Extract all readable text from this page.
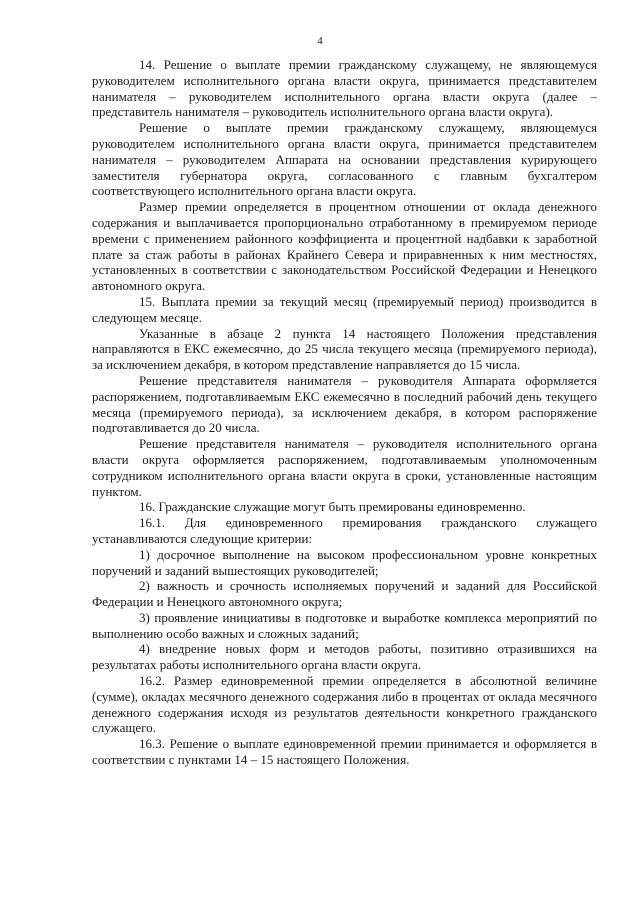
4

14. Решение о выплате премии гражданскому служащему, не являющемуся руководителем исполнительного органа власти округа, принимается представителем нанимателя – руководителем исполнительного органа власти округа (далее – представитель нанимателя – руководитель исполнительного органа власти округа).

Решение о выплате премии гражданскому служащему, являющемуся руководителем исполнительного органа власти округа, принимается представителем нанимателя – руководителем Аппарата на основании представления курирующего заместителя губернатора округа, согласованного с главным бухгалтером соответствующего исполнительного органа власти округа.

Размер премии определяется в процентном отношении от оклада денежного содержания и выплачивается пропорционально отработанному в премируемом периоде времени с применением районного коэффициента и процентной надбавки к заработной плате за стаж работы в районах Крайнего Севера и приравненных к ним местностях, установленных в соответствии с законодательством Российской Федерации и Ненецкого автономного округа.

15. Выплата премии за текущий месяц (премируемый период) производится в следующем месяце.

Указанные в абзаце 2 пункта 14 настоящего Положения представления направляются в ЕКС ежемесячно, до 25 числа текущего месяца (премируемого периода), за исключением декабря, в котором представление направляется до 15 числа.

Решение представителя нанимателя – руководителя Аппарата оформляется распоряжением, подготавливаемым ЕКС ежемесячно в последний рабочий день текущего месяца (премируемого периода), за исключением декабря, в котором распоряжение подготавливается до 20 числа.

Решение представителя нанимателя – руководителя исполнительного органа власти округа оформляется распоряжением, подготавливаемым уполномоченным сотрудником исполнительного органа власти округа в сроки, установленные настоящим пунктом.

16. Гражданские служащие могут быть премированы единовременно.

16.1. Для единовременного премирования гражданского служащего устанавливаются следующие критерии:

1) досрочное выполнение на высоком профессиональном уровне конкретных поручений и заданий вышестоящих руководителей;

2) важность и срочность исполняемых поручений и заданий для Российской Федерации и Ненецкого автономного округа;

3) проявление инициативы в подготовке и выработке комплекса мероприятий по выполнению особо важных и сложных заданий;

4) внедрение новых форм и методов работы, позитивно отразившихся на результатах работы исполнительного органа власти округа.

16.2. Размер единовременной премии определяется в абсолютной величине (сумме), окладах месячного денежного содержания либо в процентах от оклада месячного денежного содержания исходя из результатов деятельности конкретного гражданского служащего.

16.3. Решение о выплате единовременной премии принимается и оформляется в соответствии с пунктами 14 – 15 настоящего Положения.
